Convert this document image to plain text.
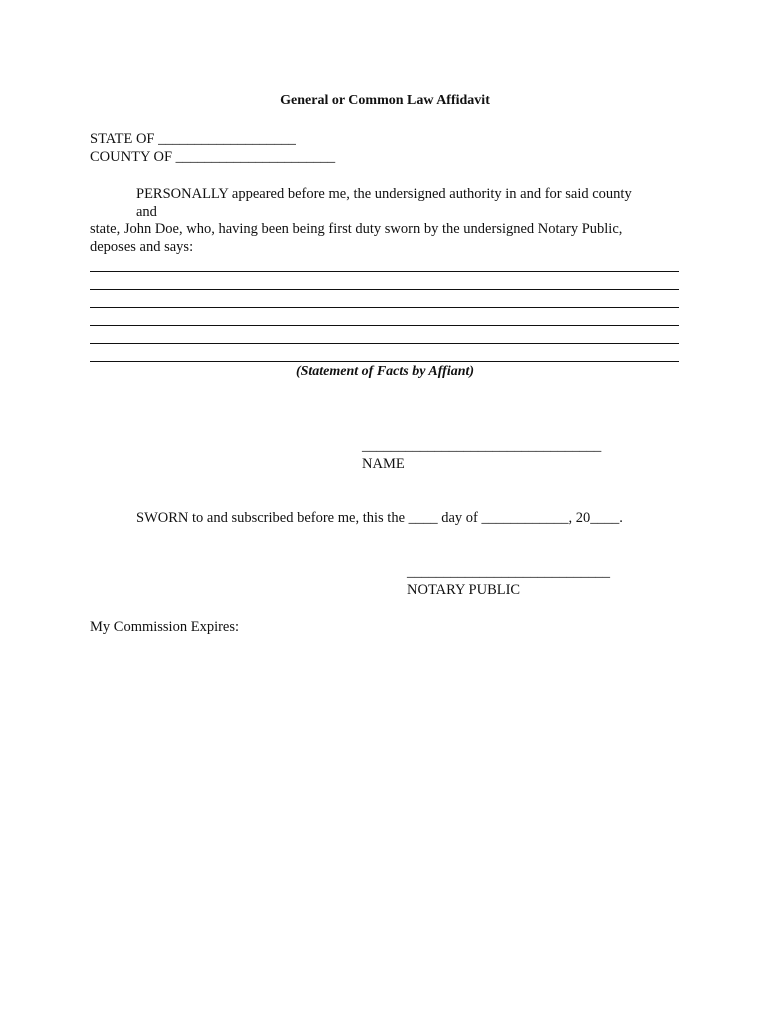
General or Common Law Affidavit
STATE OF ___________________
COUNTY OF ______________________
PERSONALLY appeared before me, the undersigned authority in and for said county
and
state, John Doe, who, having been being first duty sworn by the undersigned Notary Public,
deposes and says:
(Statement of Facts by Affiant)
_________________________________
NAME
SWORN to and subscribed before me, this the ____ day of ____________, 20____.
____________________________
NOTARY PUBLIC
My Commission Expires:
